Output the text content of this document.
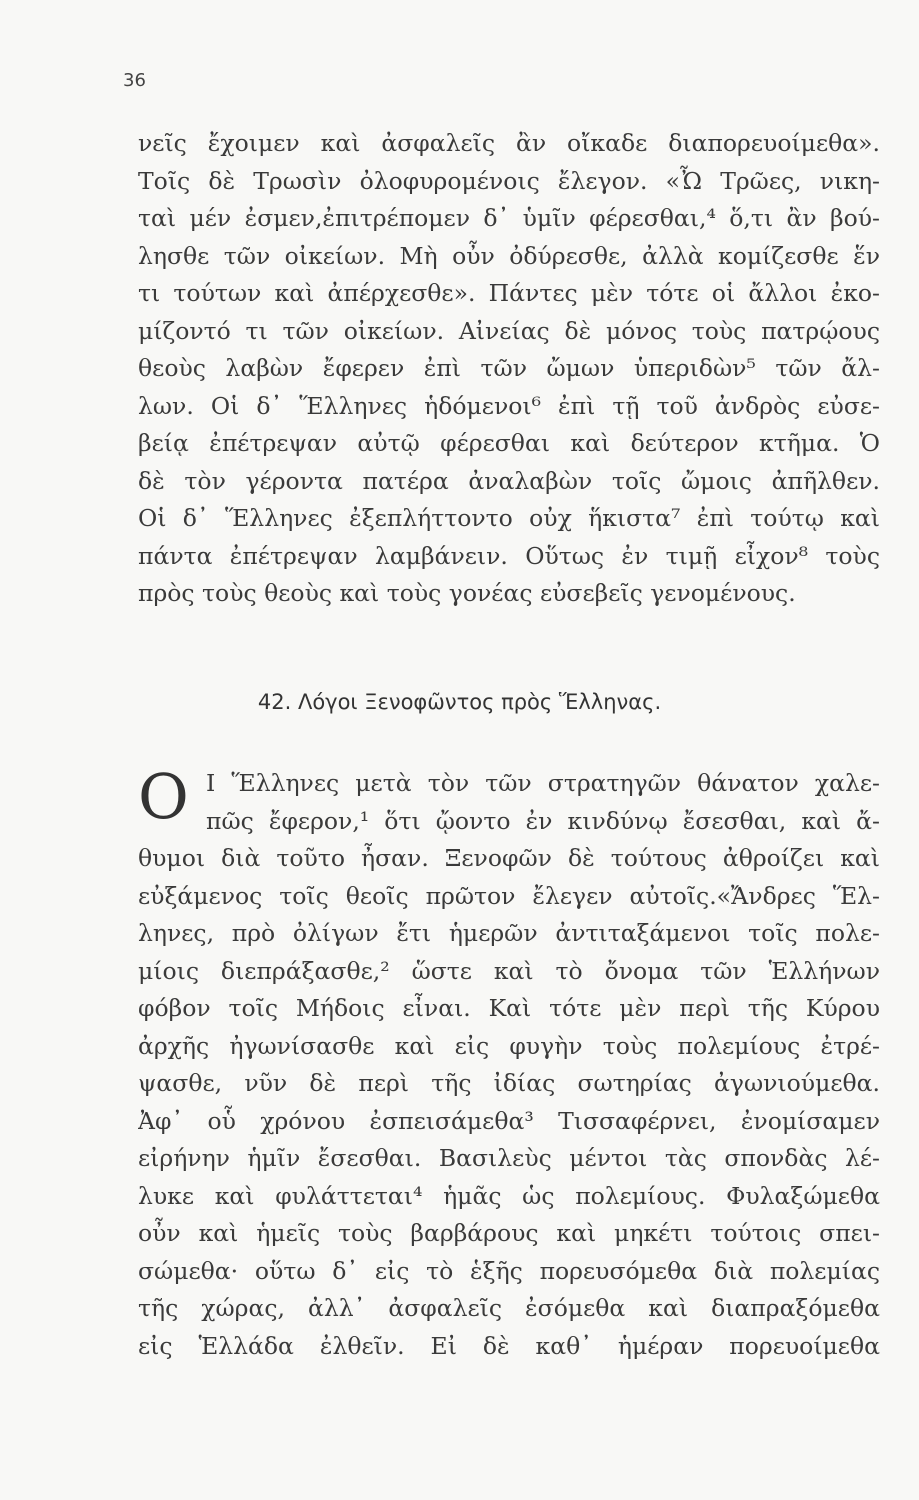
36
νεῖς ἔχοιμεν καὶ ἀσφαλεῖς ἂν οἴκαδε διαπορευοίμεθα».
Τοῖς δὲ Τρωσὶν ὀλοφυρομένοις ἔλεγον. «Ὦ Τρῶες, νικη-
ταὶ μέν ἐσμεν,ἐπιτρέπομεν δ᾽ ὑμῖν φέρεσθαι,⁴ ὅ,τι ἂν βού-
λησθε τῶν οἰκείων. Μὴ οὖν ὀδύρεσθε, ἀλλὰ κομίζεσθε ἕν
τι τούτων καὶ ἀπέρχεσθε». Πάντες μὲν τότε οἱ ἄλλοι ἐκο-
μίζοντό τι τῶν οἰκείων. Αἰνείας δὲ μόνος τοὺς πατρῴους
θεοὺς λαβὼν ἔφερεν ἐπὶ τῶν ὤμων ὑπεριδὼν⁵ τῶν ἄλ-
λων. Οἱ δ᾽ Ἕλληνες ἡδόμενοι⁶ ἐπὶ τῇ τοῦ ἀνδρὸς εὐσε-
βείᾳ ἐπέτρεψαν αὐτῷ φέρεσθαι καὶ δεύτερον κτῆμα. Ὁ
δὲ τὸν γέροντα πατέρα ἀναλαβὼν τοῖς ὤμοις ἀπῆλθεν.
Οἱ δ᾽ Ἕλληνες ἐξεπλήττοντο οὐχ ἥκιστα⁷ ἐπὶ τούτῳ καὶ
πάντα ἐπέτρεψαν λαμβάνειν. Οὕτως ἐν τιμῇ εἶχον⁸ τοὺς
πρὸς τοὺς θεοὺς καὶ τοὺς γονέας εὐσεβεῖς γενομένους.
42. Λόγοι Ξενοφῶντος πρὸς Ἕλληνας.
O Ι Ἕλληνες μετὰ τὸν τῶν στρατηγῶν θάνατον χαλε-
πῶς ἔφερον,¹ ὅτι ᾤοντο ἐν κινδύνῳ ἔσεσθαι, καὶ ἄ-
θυμοι διὰ τοῦτο ἦσαν. Ξενοφῶν δὲ τούτους ἀθροίζει καὶ
εὐξάμενος τοῖς θεοῖς πρῶτον ἔλεγεν αὐτοῖς.«Ἄνδρες Ἕλ-
ληνες, πρὸ ὀλίγων ἔτι ἡμερῶν ἀντιταξάμενοι τοῖς πολε-
μίοις διεπράξασθε,² ὥστε καὶ τὸ ὄνομα τῶν Ἑλλήνων
φόβον τοῖς Μήδοις εἶναι. Καὶ τότε μὲν περὶ τῆς Κύρου
ἀρχῆς ἠγωνίσασθε καὶ εἰς φυγὴν τοὺς πολεμίους ἐτρέ-
ψασθε, νῦν δὲ περὶ τῆς ἰδίας σωτηρίας ἀγωνιούμεθα.
Ἀφ᾽ οὗ χρόνου ἐσπεισάμεθα³ Τισσαφέρνει, ἐνομίσαμεν
εἰρήνην ἡμῖν ἔσεσθαι. Βασιλεὺς μέντοι τὰς σπονδὰς λέ-
λυκε καὶ φυλάττεται⁴ ἡμᾶς ὡς πολεμίους. Φυλαξώμεθα
οὖν καὶ ἡμεῖς τοὺς βαρβάρους καὶ μηκέτι τούτοις σπει-
σώμεθα· οὕτω δ᾽ εἰς τὸ ἑξῆς πορευσόμεθα διὰ πολεμίας
τῆς χώρας, ἀλλ᾽ ἀσφαλεῖς ἐσόμεθα καὶ διαπραξόμεθα
εἰς Ἑλλάδα ἐλθεῖν. Εἰ δὲ καθ᾽ ἡμέραν πορευοίμεθα
